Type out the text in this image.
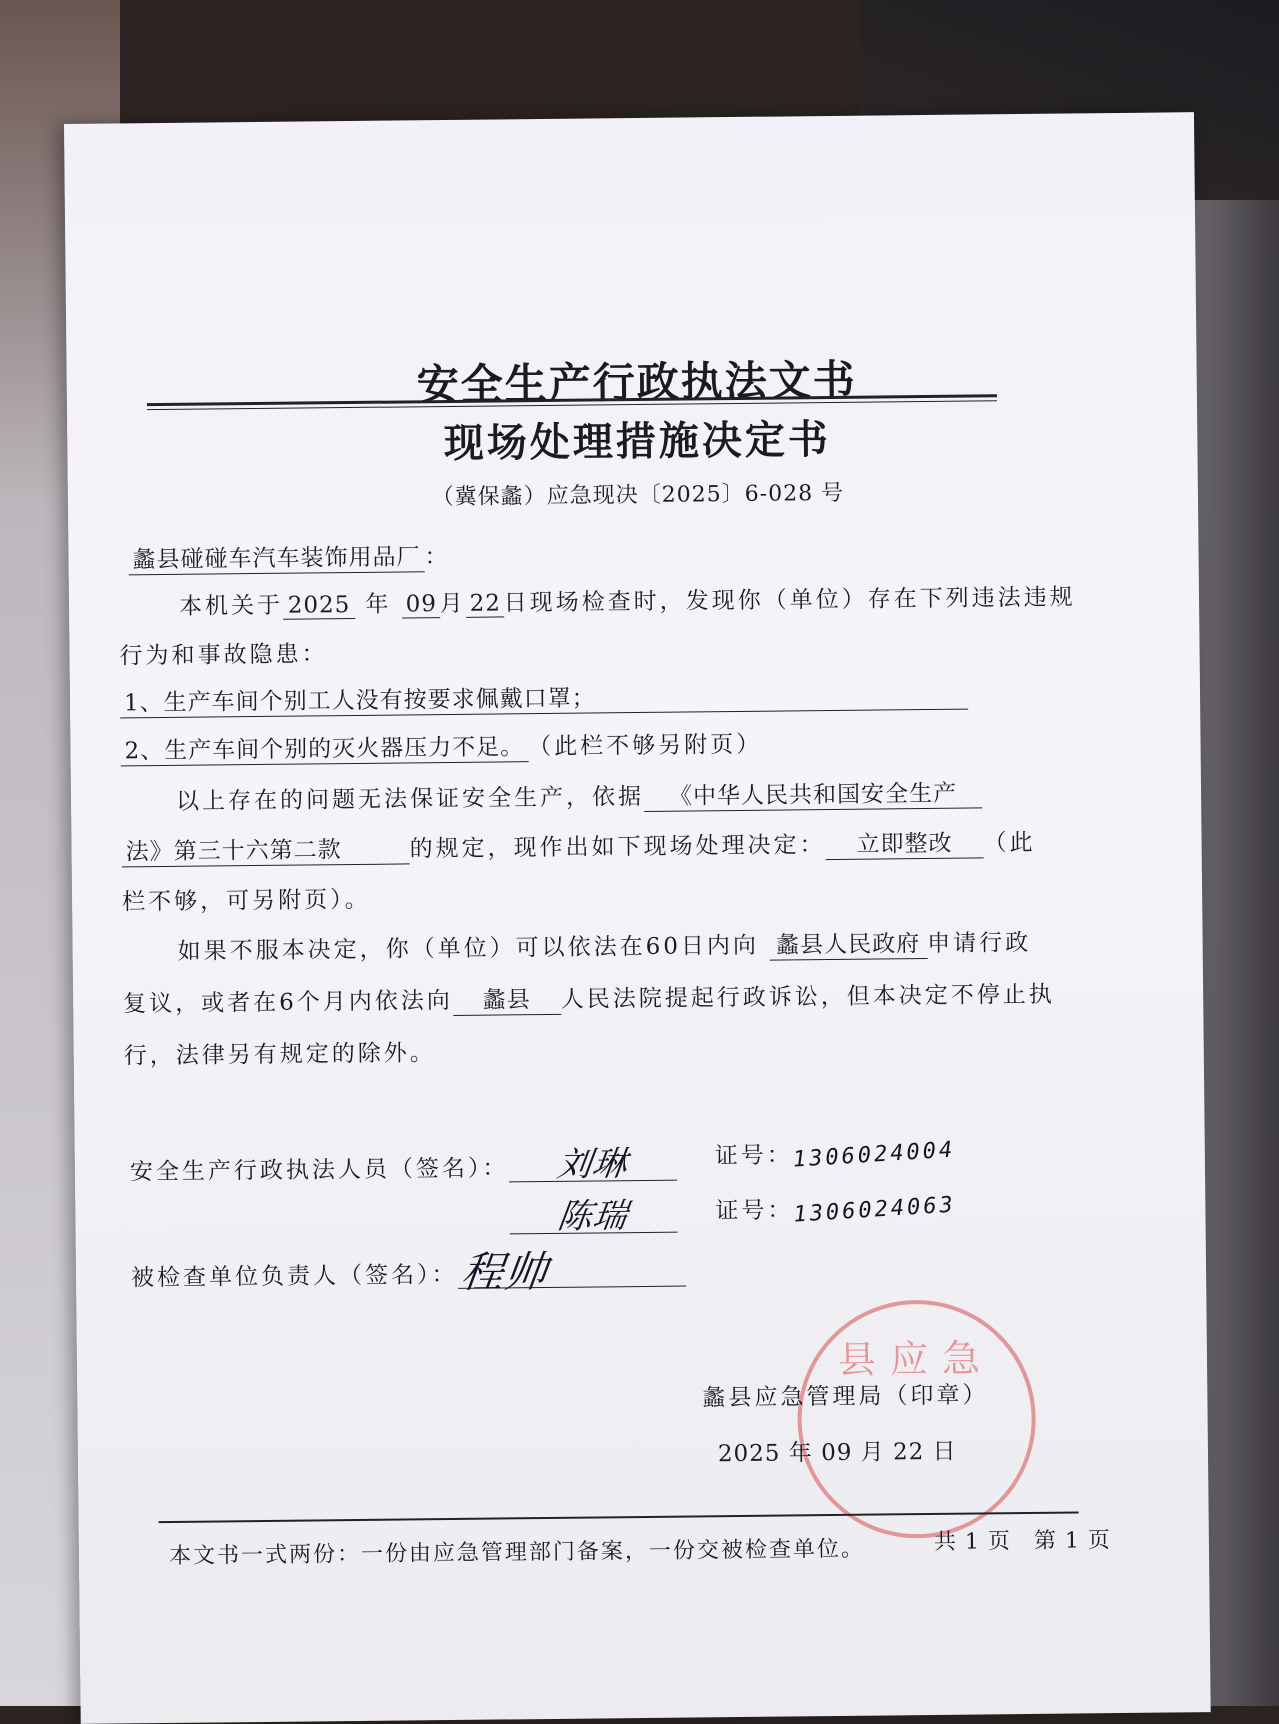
安全生产行政执法文书
现场处理措施决定书
（冀保蠡）应急现决〔2025〕6-028 号
蠡县碰碰车汽车装饰用品厂 ：
本机关于 2025 年 09 月 22 日现场检查时，发现你（单位）存在下列违法违规
行为和事故隐患：
1、生产车间个别工人没有按要求佩戴口罩；
2、生产车间个别的灭火器压力不足。 （此栏不够另附页）
以上存在的问题无法保证安全生产，依据 《中华人民共和国安全生产
法》第三十六第二款	的规定，现作出如下现场处理决定： 立即整改 （此
栏不够，可另附页）。
如果不服本决定，你（单位）可以依法在60日内向 蠡县人民政府 申请行政
复议，或者在6个月内依法向 蠡县 人民法院提起行政诉讼，但本决定不停止执
行，法律另有规定的除外。
安全生产行政执法人员（签名）： 刘琳	证号：1306024004
陈瑞	证号：1306024063
被检查单位负责人（签名）：程帅
县应急
蠡县应急管理局（印章）
2025 年 09 月 22 日
本文书一式两份：一份由应急管理部门备案，一份交被检查单位。	共 1 页　第 1 页
